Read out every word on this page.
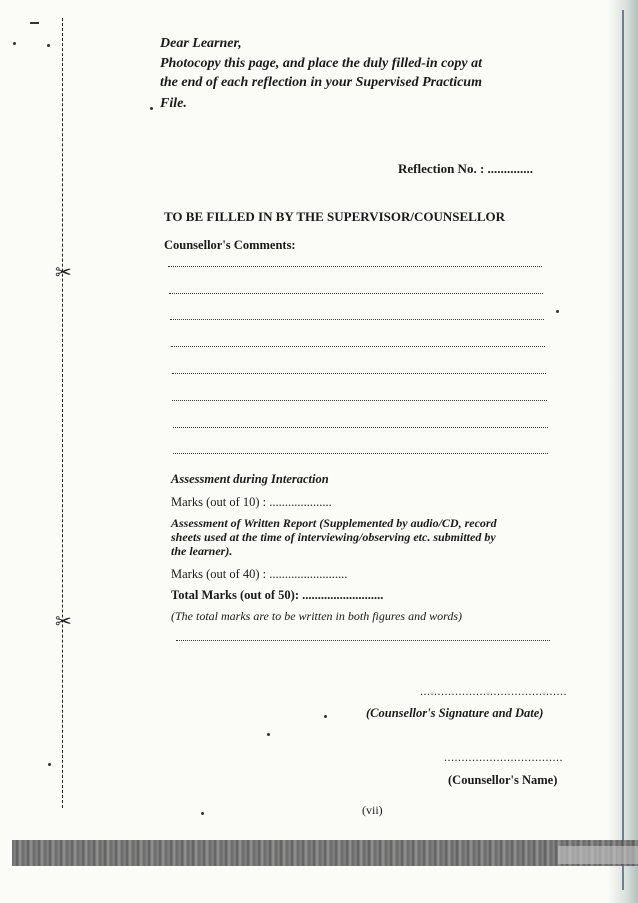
✂
✂
Dear Learner,
Photocopy this page, and place the duly filled-in copy at
the end of each reflection in your Supervised Practicum
File.
Reflection No. : ..............
TO BE FILLED IN BY THE SUPERVISOR/COUNSELLOR
Counsellor's Comments:
Assessment during Interaction
Marks (out of 10) : ....................
Assessment of Written Report (Supplemented by audio/CD, record
sheets used at the time of interviewing/observing etc. submitted by
the learner).
Marks (out of 40) : .........................
Total Marks (out of 50): ..........................
(The total marks are to be written in both figures and words)
..........................................
(Counsellor's Signature and Date)
..................................
(Counsellor's Name)
(vii)
